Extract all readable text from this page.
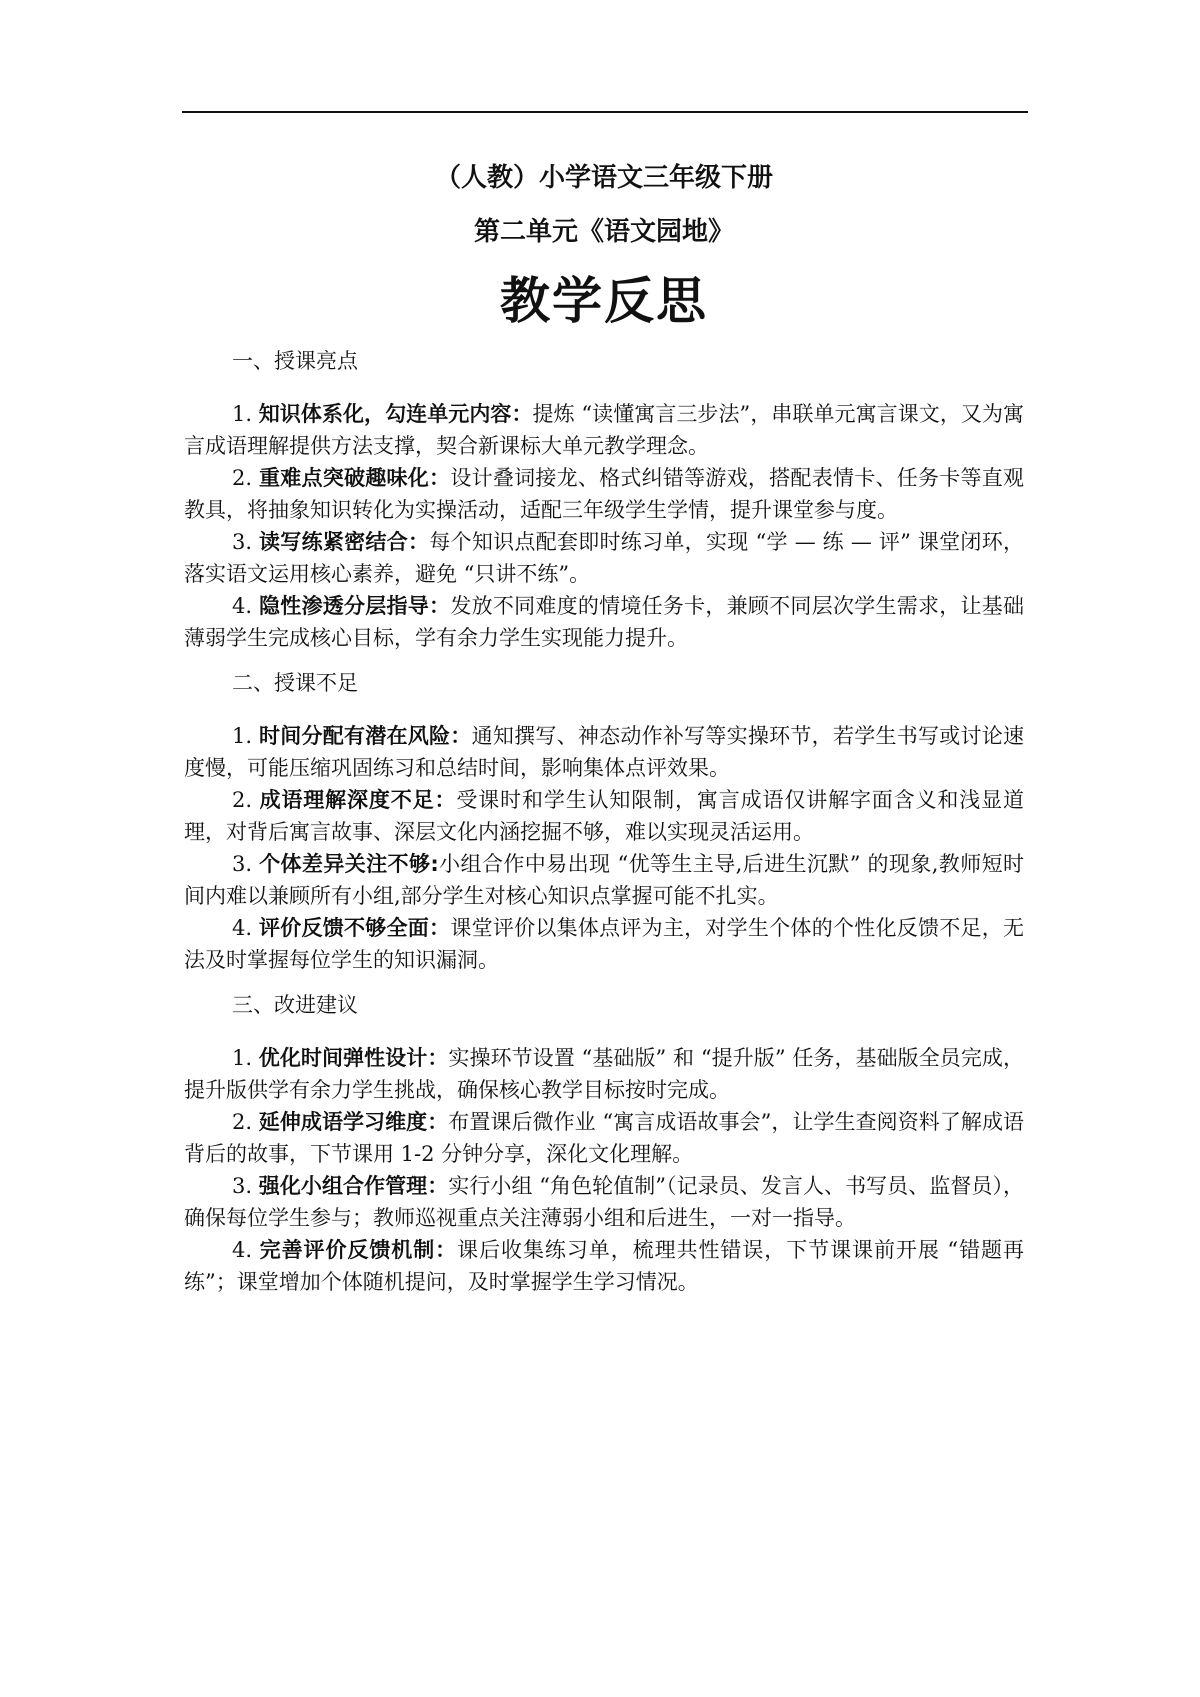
（人教）小学语文三年级下册
第二单元《语文园地》
教学反思
一、授课亮点

1. 知识体系化，勾连单元内容：提炼 “读懂寓言三步法”，串联单元寓言课文，又为寓言成语理解提供方法支撑，契合新课标大单元教学理念。

2. 重难点突破趣味化：设计叠词接龙、格式纠错等游戏，搭配表情卡、任务卡等直观教具，将抽象知识转化为实操活动，适配三年级学生学情，提升课堂参与度。

3. 读写练紧密结合：每个知识点配套即时练习单，实现 “学 — 练 — 评” 课堂闭环，落实语文运用核心素养，避免 “只讲不练”。

4. 隐性渗透分层指导：发放不同难度的情境任务卡，兼顾不同层次学生需求，让基础薄弱学生完成核心目标，学有余力学生实现能力提升。

二、授课不足

1. 时间分配有潜在风险：通知撰写、神态动作补写等实操环节，若学生书写或讨论速度慢，可能压缩巩固练习和总结时间，影响集体点评效果。

2. 成语理解深度不足：受课时和学生认知限制，寓言成语仅讲解字面含义和浅显道理，对背后寓言故事、深层文化内涵挖掘不够，难以实现灵活运用。

3. 个体差异关注不够:小组合作中易出现 “优等生主导,后进生沉默” 的现象,教师短时间内难以兼顾所有小组,部分学生对核心知识点掌握可能不扎实。

4. 评价反馈不够全面：课堂评价以集体点评为主，对学生个体的个性化反馈不足，无法及时掌握每位学生的知识漏洞。

三、改进建议

1. 优化时间弹性设计：实操环节设置 “基础版” 和 “提升版” 任务，基础版全员完成，提升版供学有余力学生挑战，确保核心教学目标按时完成。

2. 延伸成语学习维度：布置课后微作业 “寓言成语故事会”，让学生查阅资料了解成语背后的故事，下节课用 1-2 分钟分享，深化文化理解。

3. 强化小组合作管理：实行小组 “角色轮值制”（记录员、发言人、书写员、监督员），确保每位学生参与；教师巡视重点关注薄弱小组和后进生，一对一指导。

4. 完善评价反馈机制：课后收集练习单，梳理共性错误，下节课课前开展 “错题再练”；课堂增加个体随机提问，及时掌握学生学习情况。
